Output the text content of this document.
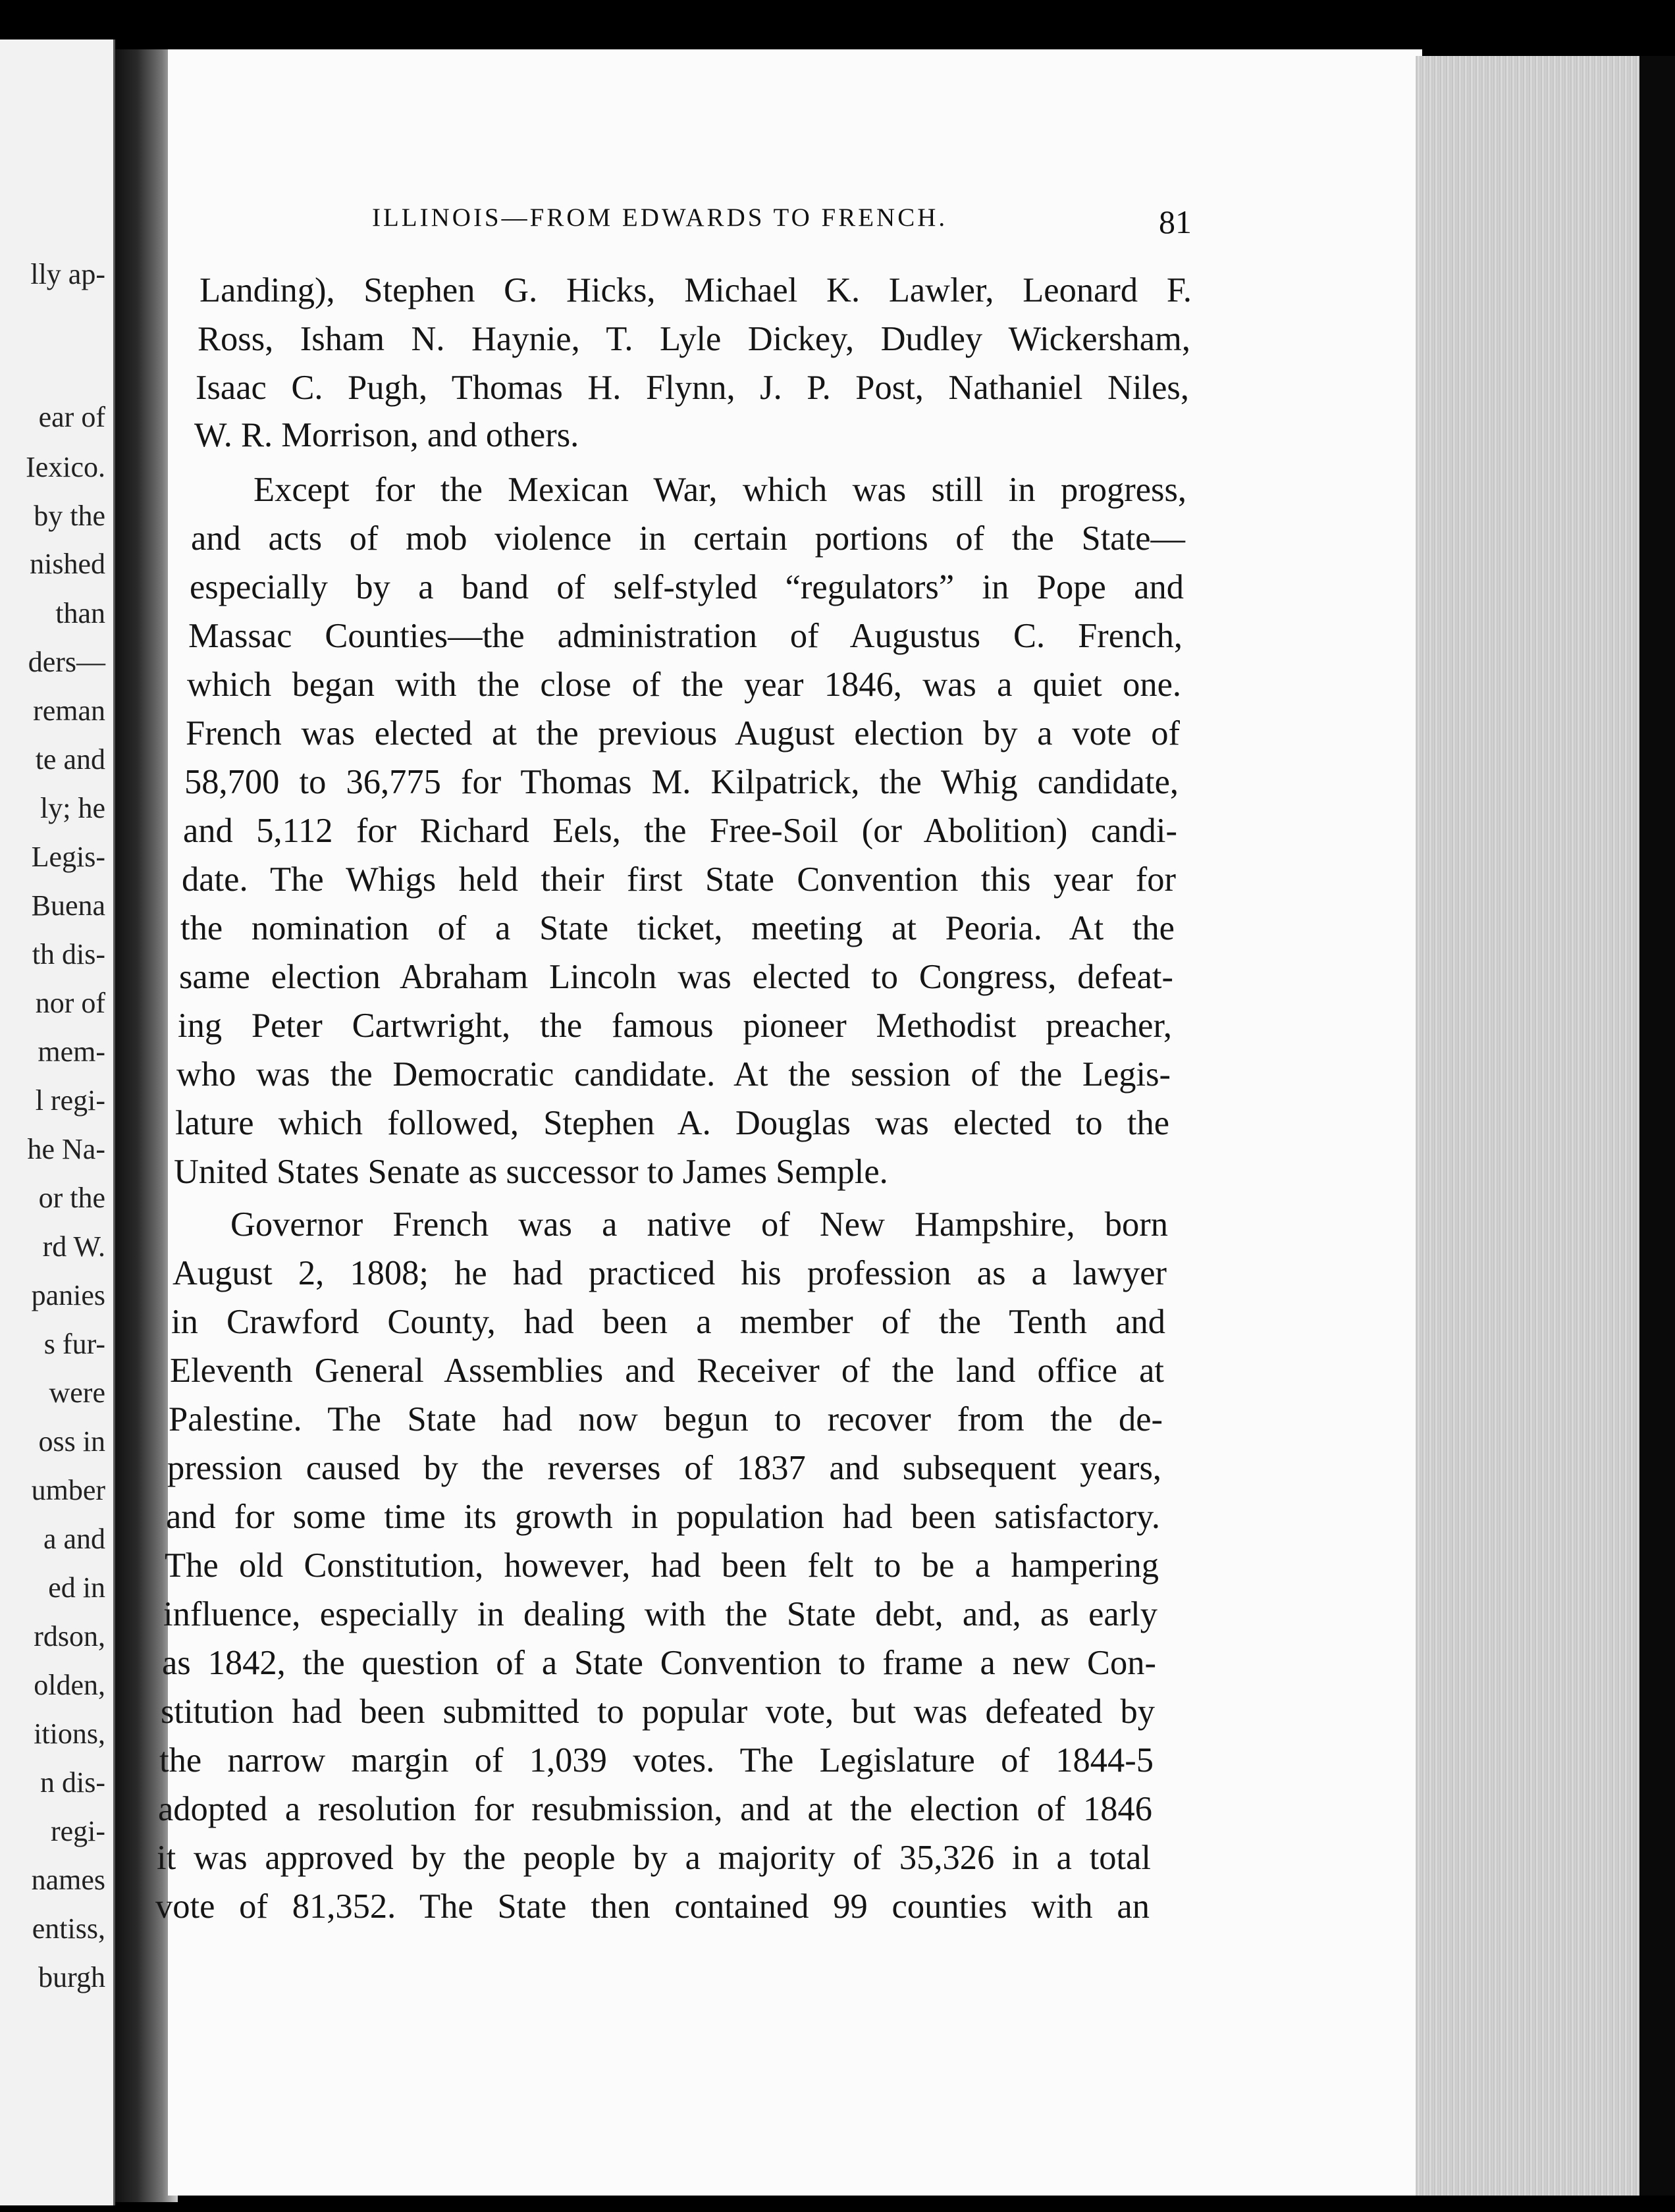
lly ap-
ear of
Iexico.
by the
nished
than
ders—
reman
te and
ly; he
Legis-
Buena
th dis-
nor of
mem-
l regi-
he Na-
or the
rd W.
panies
s fur-
were
oss in
umber
a and
ed in
rdson,
olden,
itions,
n dis-
regi-
names
entiss,
burgh
ILLINOIS—FROM EDWARDS TO FRENCH.	81
Landing), Stephen G. Hicks, Michael K. Lawler, Leonard F.
Ross, Isham N. Haynie, T. Lyle Dickey, Dudley Wickersham,
Isaac C. Pugh, Thomas H. Flynn, J. P. Post, Nathaniel Niles,
W. R. Morrison, and others.
Except for the Mexican War, which was still in progress,
and acts of mob violence in certain portions of the State—
especially by a band of self-styled “regulators” in Pope and
Massac Counties—the administration of Augustus C. French,
which began with the close of the year 1846, was a quiet one.
French was elected at the previous August election by a vote of
58,700 to 36,775 for Thomas M. Kilpatrick, the Whig candidate,
and 5,112 for Richard Eels, the Free-Soil (or Abolition) candi-
date. The Whigs held their first State Convention this year for
the nomination of a State ticket, meeting at Peoria. At the
same election Abraham Lincoln was elected to Congress, defeat-
ing Peter Cartwright, the famous pioneer Methodist preacher,
who was the Democratic candidate. At the session of the Legis-
lature which followed, Stephen A. Douglas was elected to the
United States Senate as successor to James Semple.
Governor French was a native of New Hampshire, born
August 2, 1808; he had practiced his profession as a lawyer
in Crawford County, had been a member of the Tenth and
Eleventh General Assemblies and Receiver of the land office at
Palestine. The State had now begun to recover from the de-
pression caused by the reverses of 1837 and subsequent years,
and for some time its growth in population had been satisfactory.
The old Constitution, however, had been felt to be a hampering
influence, especially in dealing with the State debt, and, as early
as 1842, the question of a State Convention to frame a new Con-
stitution had been submitted to popular vote, but was defeated by
the narrow margin of 1,039 votes. The Legislature of 1844-5
adopted a resolution for resubmission, and at the election of 1846
it was approved by the people by a majority of 35,326 in a total
vote of 81,352. The State then contained 99 counties with an
